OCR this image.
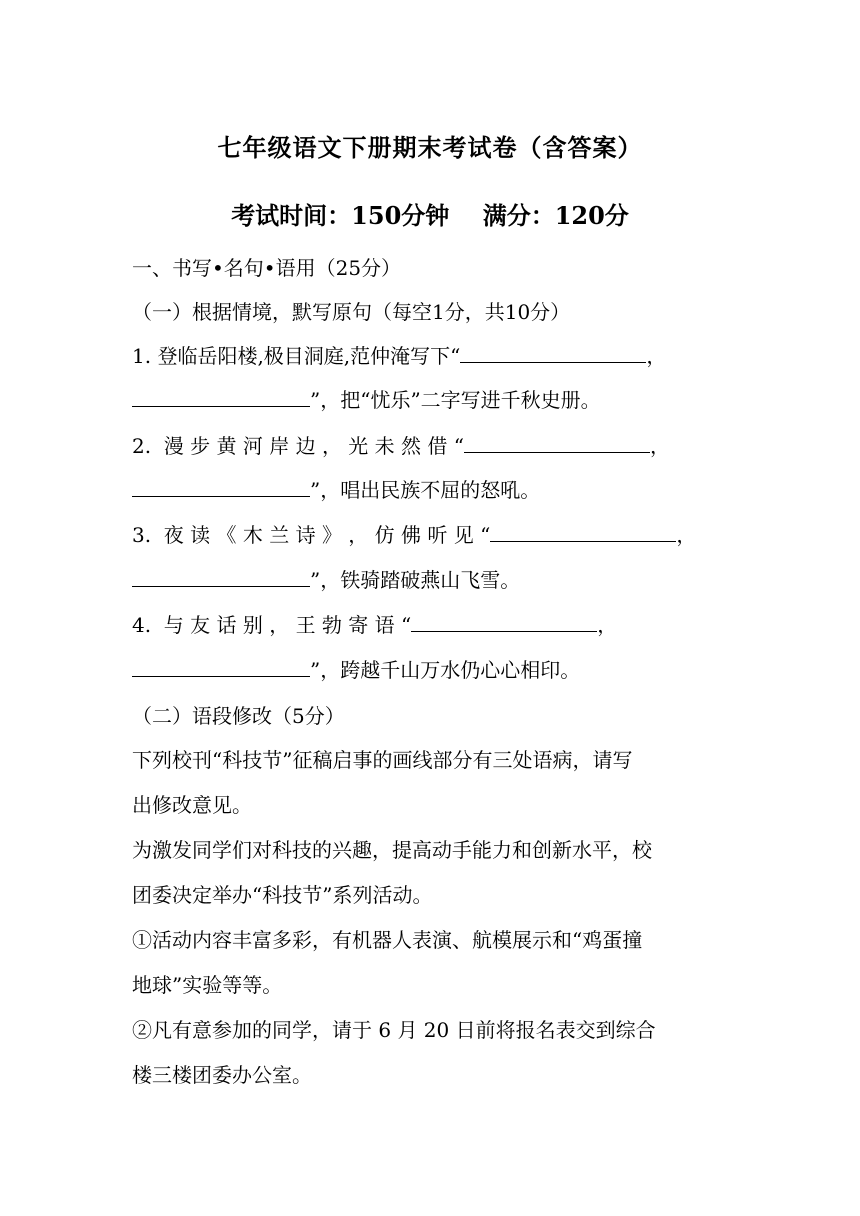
七年级语文下册期末考试卷（含答案）
考试时间：150分钟    满分：120分
一、书写•名句•语用（25分）
（一）根据情境，默写原句（每空1分，共10分）
1. 登临岳阳楼,极目洞庭,范仲淹写下“	，
”，把“忧乐”二字写进千秋史册。
2.  漫 步 黄 河 岸 边 ， 光 未 然 借 “	，
”，唱出民族不屈的怒吼。
3.  夜 读 《 木 兰 诗 》 ， 仿 佛 听 见 “	，
”，铁骑踏破燕山飞雪。
4.  与 友 话 别 ， 王 勃 寄 语 “	，
”，跨越千山万水仍心心相印。
（二）语段修改（5分）
下列校刊“科技节”征稿启事的画线部分有三处语病，请写
出修改意见。
为激发同学们对科技的兴趣，提高动手能力和创新水平，校
团委决定举办“科技节”系列活动。
①活动内容丰富多彩，有机器人表演、航模展示和“鸡蛋撞
地球”实验等等。
②凡有意参加的同学，请于 6 月 20 日前将报名表交到综合
楼三楼团委办公室。
